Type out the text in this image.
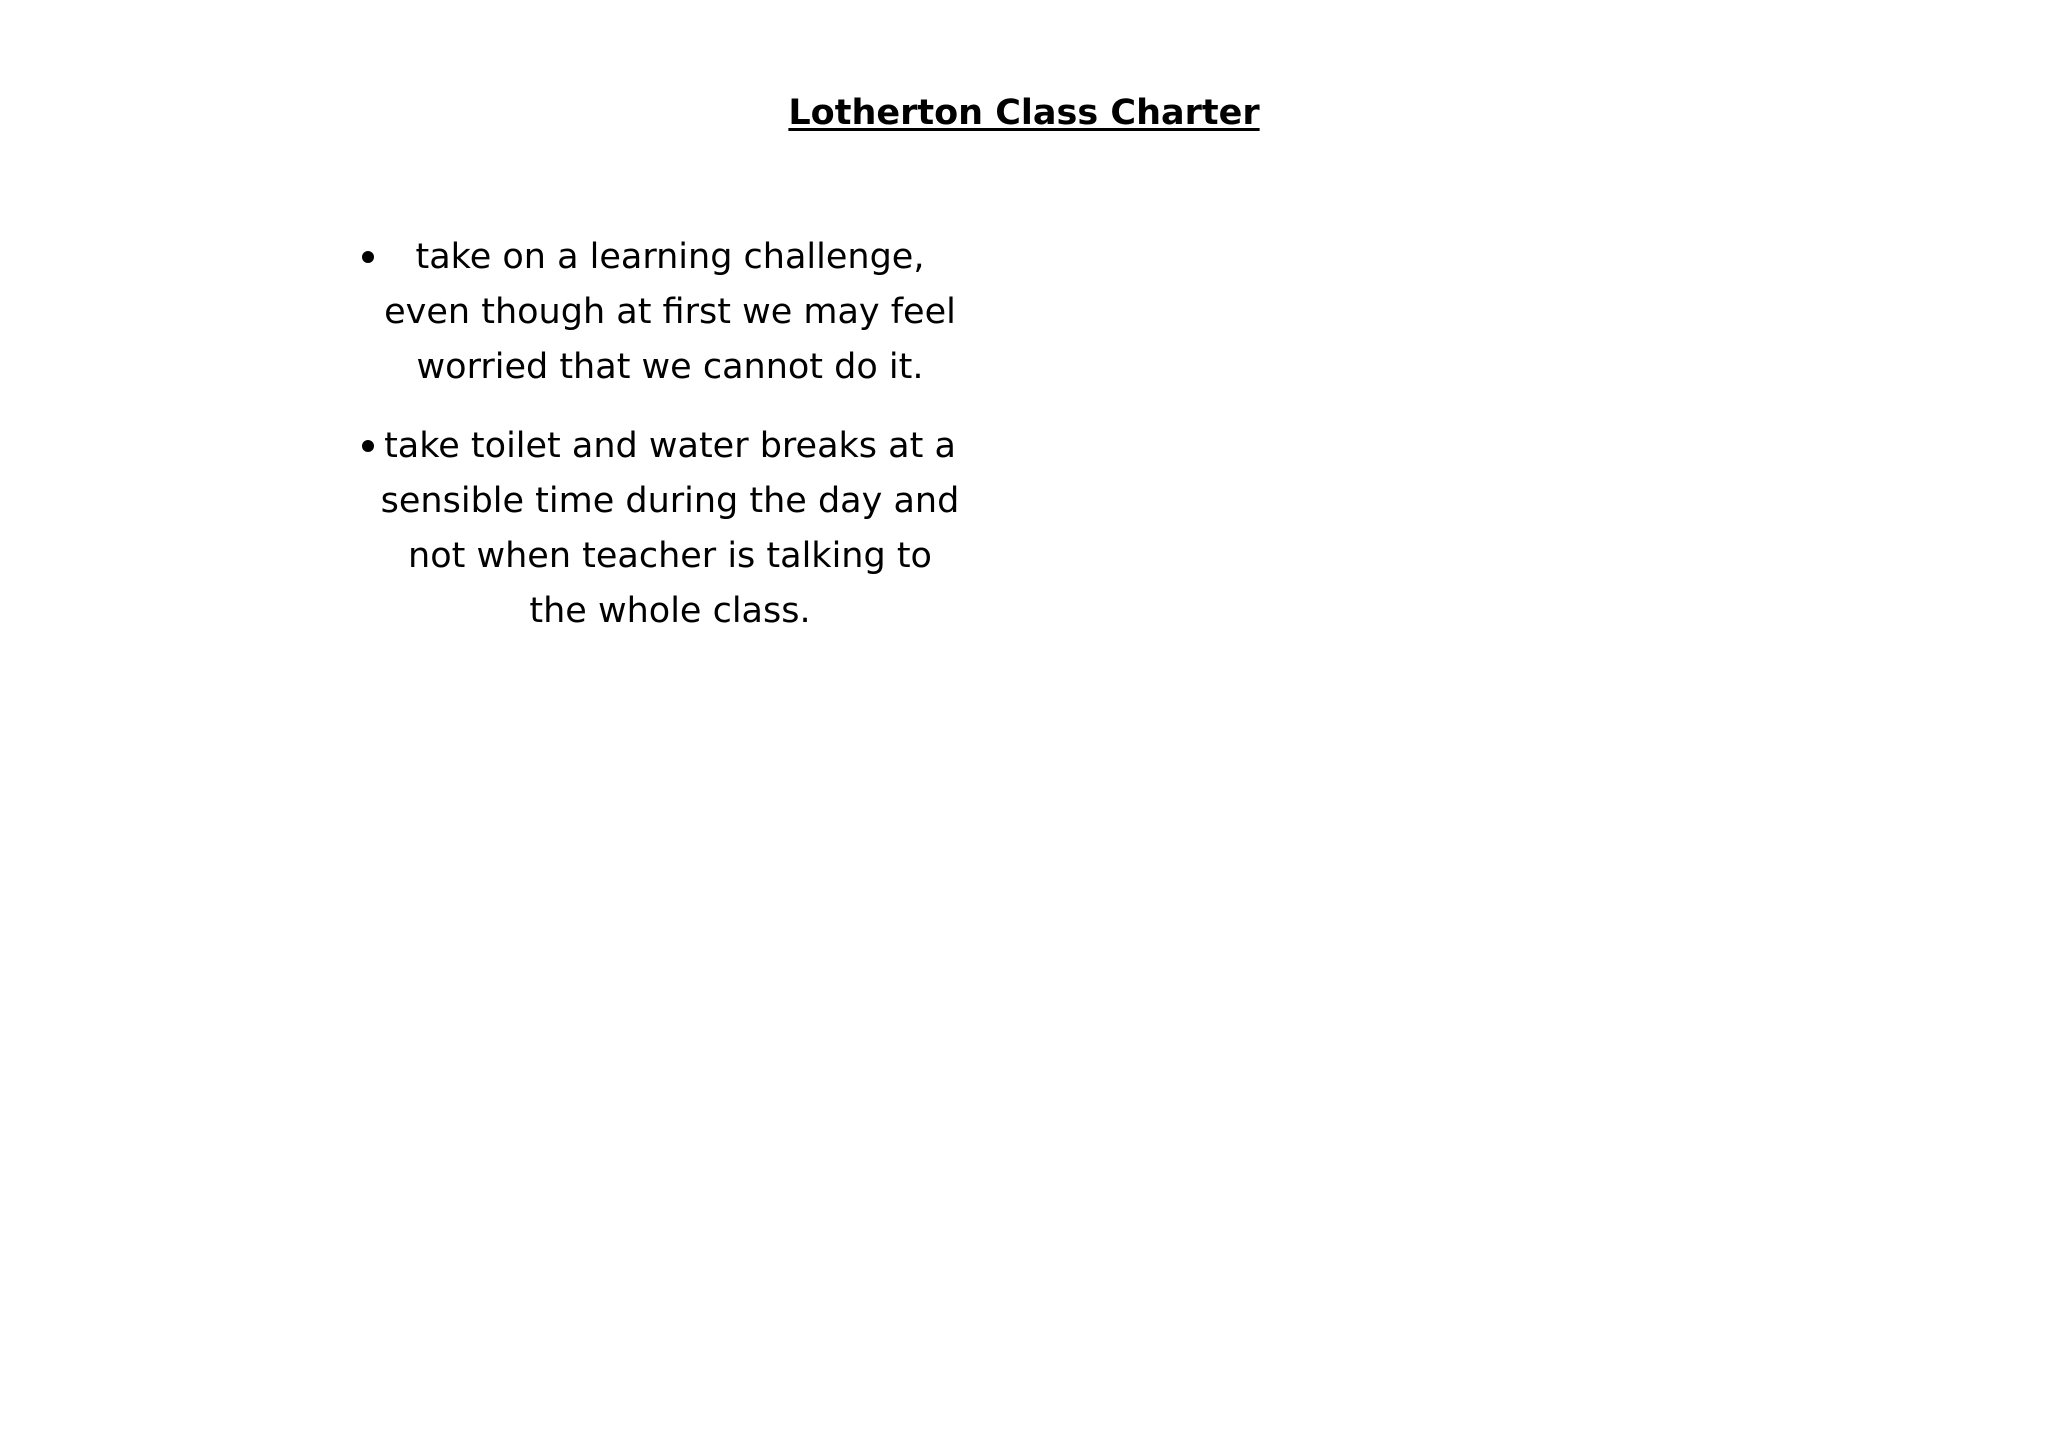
Lotherton Class Charter
take on a learning challenge, even though at first we may feel worried that we cannot do it.
take toilet and water breaks at a sensible time during the day and not when teacher is talking to the whole class.
